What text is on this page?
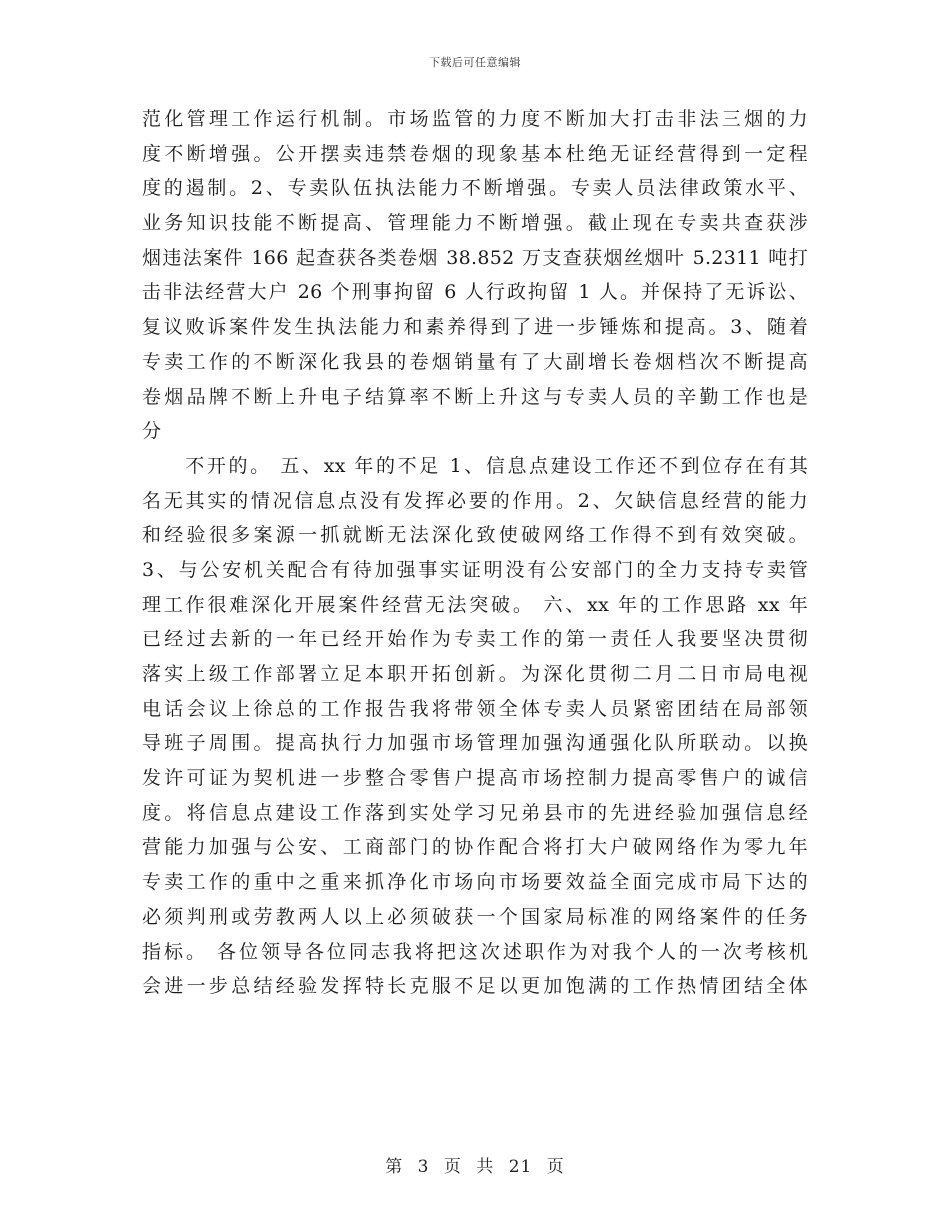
下载后可任意编辑
范化管理工作运行机制。市场监管的力度不断加大打击非法三烟的力
度不断增强。公开摆卖违禁卷烟的现象基本杜绝无证经营得到一定程
度的遏制。2、专卖队伍执法能力不断增强。专卖人员法律政策水平、
业务知识技能不断提高、管理能力不断增强。截止现在专卖共查获涉
烟违法案件 166 起查获各类卷烟 38.852 万支查获烟丝烟叶 5.2311 吨打
击非法经营大户 26 个刑事拘留 6 人行政拘留 1 人。并保持了无诉讼、
复议败诉案件发生执法能力和素养得到了进一步锤炼和提高。3、随着
专卖工作的不断深化我县的卷烟销量有了大副增长卷烟档次不断提高
卷烟品牌不断上升电子结算率不断上升这与专卖人员的辛勤工作也是
分
　　不开的。 五、xx 年的不足 1、信息点建设工作还不到位存在有其
名无其实的情况信息点没有发挥必要的作用。2、欠缺信息经营的能力
和经验很多案源一抓就断无法深化致使破网络工作得不到有效突破。
3、与公安机关配合有待加强事实证明没有公安部门的全力支持专卖管
理工作很难深化开展案件经营无法突破。 六、xx 年的工作思路 xx 年
已经过去新的一年已经开始作为专卖工作的第一责任人我要坚决贯彻
落实上级工作部署立足本职开拓创新。为深化贯彻二月二日市局电视
电话会议上徐总的工作报告我将带领全体专卖人员紧密团结在局部领
导班子周围。提高执行力加强市场管理加强沟通强化队所联动。以换
发许可证为契机进一步整合零售户提高市场控制力提高零售户的诚信
度。将信息点建设工作落到实处学习兄弟县市的先进经验加强信息经
营能力加强与公安、工商部门的协作配合将打大户破网络作为零九年
专卖工作的重中之重来抓净化市场向市场要效益全面完成市局下达的
必须判刑或劳教两人以上必须破获一个国家局标准的网络案件的任务
指标。 各位领导各位同志我将把这次述职作为对我个人的一次考核机
会进一步总结经验发挥特长克服不足以更加饱满的工作热情团结全体
第 3 页 共 21 页
